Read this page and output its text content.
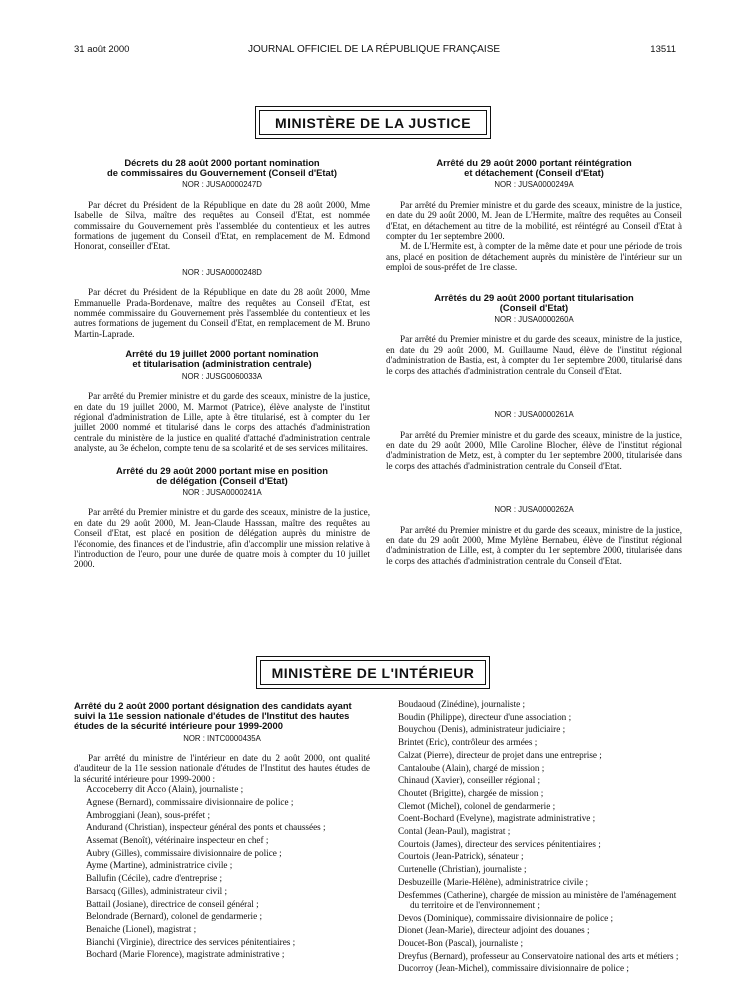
31 août 2000	JOURNAL OFFICIEL DE LA RÉPUBLIQUE FRANÇAISE	13511
MINISTÈRE DE LA JUSTICE
Décrets du 28 août 2000 portant nomination
de commissaires du Gouvernement (Conseil d'Etat)
NOR : JUSA0000247D

Par décret du Président de la République en date du 28 août 2000, Mme Isabelle de Silva, maître des requêtes au Conseil d'Etat, est nommée commissaire du Gouvernement près l'assemblée du contentieux et les autres formations de jugement du Conseil d'Etat, en remplacement de M. Edmond Honorat, conseiller d'Etat.

NOR : JUSA0000248D

Par décret du Président de la République en date du 28 août 2000, Mme Emmanuelle Prada-Bordenave, maître des requêtes au Conseil d'Etat, est nommée commissaire du Gouvernement près l'assemblée du contentieux et les autres formations de jugement du Conseil d'Etat, en remplacement de M. Bruno Martin-Laprade.

Arrêté du 19 juillet 2000 portant nomination
et titularisation (administration centrale)
NOR : JUSG0060033A

Par arrêté du Premier ministre et du garde des sceaux, ministre de la justice, en date du 19 juillet 2000, M. Marmot (Patrice), élève analyste de l'institut régional d'administration de Lille, apte à être titularisé, est à compter du 1er juillet 2000 nommé et titularisé dans le corps des attachés d'administration centrale du ministère de la justice en qualité d'attaché d'administration centrale analyste, au 3e échelon, compte tenu de sa scolarité et de ses services militaires.

Arrêté du 29 août 2000 portant mise en position
de délégation (Conseil d'Etat)
NOR : JUSA0000241A

Par arrêté du Premier ministre et du garde des sceaux, ministre de la justice, en date du 29 août 2000, M. Jean-Claude Hasssan, maître des requêtes au Conseil d'Etat, est placé en position de délégation auprès du ministre de l'économie, des finances et de l'industrie, afin d'accomplir une mission relative à l'introduction de l'euro, pour une durée de quatre mois à compter du 10 juillet 2000.

Arrêté du 29 août 2000 portant réintégration
et détachement (Conseil d'Etat)
NOR : JUSA0000249A

Par arrêté du Premier ministre et du garde des sceaux, ministre de la justice, en date du 29 août 2000, M. Jean de L'Hermite, maître des requêtes au Conseil d'Etat, en détachement au titre de la mobilité, est réintégré au Conseil d'Etat à compter du 1er septembre 2000.

M. de L'Hermite est, à compter de la même date et pour une période de trois ans, placé en position de détachement auprès du ministère de l'intérieur sur un emploi de sous-préfet de 1re classe.

Arrêtés du 29 août 2000 portant titularisation
(Conseil d'Etat)
NOR : JUSA0000260A

Par arrêté du Premier ministre et du garde des sceaux, ministre de la justice, en date du 29 août 2000, M. Guillaume Naud, élève de l'institut régional d'administration de Bastia, est, à compter du 1er septembre 2000, titularisé dans le corps des attachés d'administration centrale du Conseil d'Etat.

NOR : JUSA0000261A

Par arrêté du Premier ministre et du garde des sceaux, ministre de la justice, en date du 29 août 2000, Mlle Caroline Blocher, élève de l'institut régional d'administration de Metz, est, à compter du 1er septembre 2000, titularisée dans le corps des attachés d'administration centrale du Conseil d'Etat.

NOR : JUSA0000262A

Par arrêté du Premier ministre et du garde des sceaux, ministre de la justice, en date du 29 août 2000, Mme Mylène Bernabeu, élève de l'institut régional d'administration de Lille, est, à compter du 1er septembre 2000, titularisée dans le corps des attachés d'administration centrale du Conseil d'Etat.

MINISTÈRE DE L'INTÉRIEUR
Arrêté du 2 août 2000 portant désignation des candidats ayant suivi la 11e session nationale d'études de l'Institut des hautes études de la sécurité intérieure pour 1999-2000
NOR : INTC0000435A

Par arrêté du ministre de l'intérieur en date du 2 août 2000, ont qualité d'auditeur de la 11e session nationale d'études de l'Institut des hautes études de la sécurité intérieure pour 1999-2000 :

Accoceberry dit Acco (Alain), journaliste ;
Agnese (Bernard), commissaire divisionnaire de police ;
Ambroggiani (Jean), sous-préfet ;
Andurand (Christian), inspecteur général des ponts et chaussées ;
Assemat (Benoît), vétérinaire inspecteur en chef ;
Aubry (Gilles), commissaire divisionnaire de police ;
Ayme (Martine), administratrice civile ;
Ballufin (Cécile), cadre d'entreprise ;
Barsacq (Gilles), administrateur civil ;
Battail (Josiane), directrice de conseil général ;
Belondrade (Bernard), colonel de gendarmerie ;
Benaiche (Lionel), magistrat ;
Bianchi (Virginie), directrice des services pénitentiaires ;
Bochard (Marie Florence), magistrate administrative ;
Boudaoud (Zinédine), journaliste ;
Boudin (Philippe), directeur d'une association ;
Bouychou (Denis), administrateur judiciaire ;
Brintet (Eric), contrôleur des armées ;
Calzat (Pierre), directeur de projet dans une entreprise ;
Cantaloube (Alain), chargé de mission ;
Chinaud (Xavier), conseiller régional ;
Choutet (Brigitte), chargée de mission ;
Clemot (Michel), colonel de gendarmerie ;
Coent-Bochard (Evelyne), magistrate administrative ;
Contal (Jean-Paul), magistrat ;
Courtois (James), directeur des services pénitentiaires ;
Courtois (Jean-Patrick), sénateur ;
Curtenelle (Christian), journaliste ;
Desbuzeille (Marie-Hélène), administratrice civile ;
Desfemmes (Catherine), chargée de mission au ministère de l'aménagement du territoire et de l'environnement ;
Devos (Dominique), commissaire divisionnaire de police ;
Dionet (Jean-Marie), directeur adjoint des douanes ;
Doucet-Bon (Pascal), journaliste ;
Dreyfus (Bernard), professeur au Conservatoire national des arts et métiers ;
Ducorroy (Jean-Michel), commissaire divisionnaire de police ;
